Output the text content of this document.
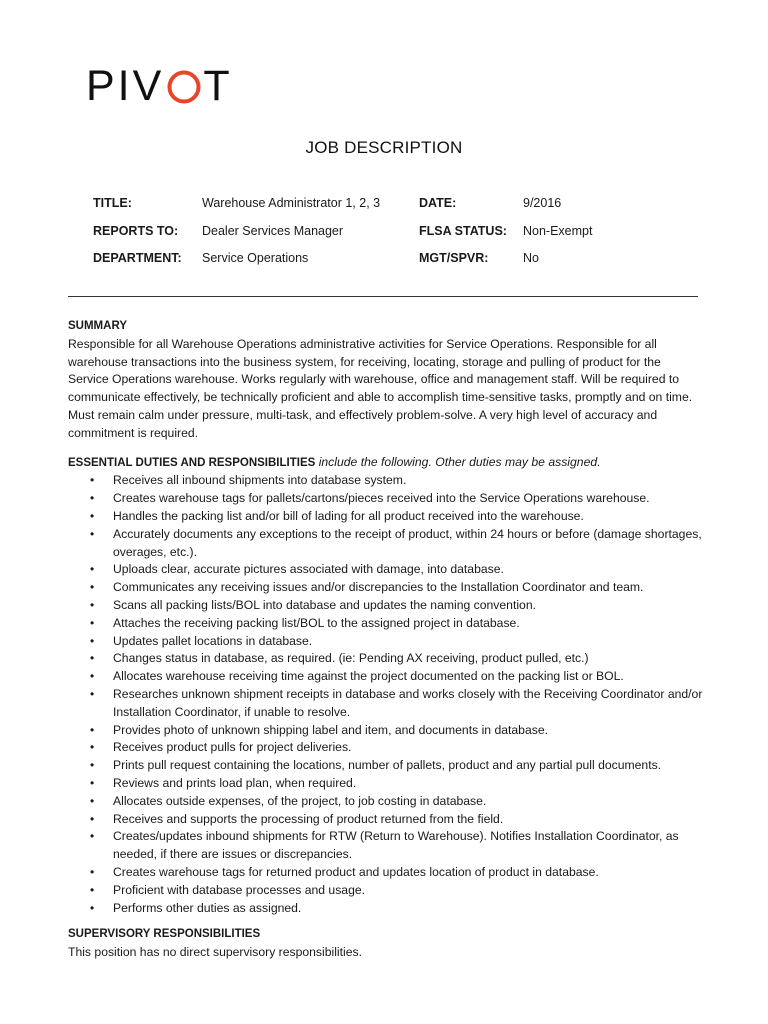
PIV T
JOB DESCRIPTION
TITLE:	Warehouse Administrator 1, 2, 3	DATE:	9/2016
REPORTS TO: Dealer Services Manager	FLSA STATUS: Non-Exempt
DEPARTMENT: Service Operations	MGT/SPVR:	No
SUMMARY

Responsible for all Warehouse Operations administrative activities for Service Operations. Responsible for all warehouse transactions into the business system, for receiving, locating, storage and pulling of product for the Service Operations warehouse. Works regularly with warehouse, office and management staff. Will be required to communicate effectively, be technically proficient and able to accomplish time-sensitive tasks, promptly and on time. Must remain calm under pressure, multi-task, and effectively problem-solve. A very high level of accuracy and commitment is required.

ESSENTIAL DUTIES AND RESPONSIBILITIES include the following. Other duties may be assigned.
• Receives all inbound shipments into database system.
• Creates warehouse tags for pallets/cartons/pieces received into the Service Operations warehouse.
• Handles the packing list and/or bill of lading for all product received into the warehouse.
• Accurately documents any exceptions to the receipt of product, within 24 hours or before (damage shortages, overages, etc.).
• Uploads clear, accurate pictures associated with damage, into database.
• Communicates any receiving issues and/or discrepancies to the Installation Coordinator and team.
• Scans all packing lists/BOL into database and updates the naming convention.
• Attaches the receiving packing list/BOL to the assigned project in database.
• Updates pallet locations in database.
• Changes status in database, as required. (ie: Pending AX receiving, product pulled, etc.)
• Allocates warehouse receiving time against the project documented on the packing list or BOL.
• Researches unknown shipment receipts in database and works closely with the Receiving Coordinator and/or Installation Coordinator, if unable to resolve.
• Provides photo of unknown shipping label and item, and documents in database.
• Receives product pulls for project deliveries.
• Prints pull request containing the locations, number of pallets, product and any partial pull documents.
• Reviews and prints load plan, when required.
• Allocates outside expenses, of the project, to job costing in database.
• Receives and supports the processing of product returned from the field.
• Creates/updates inbound shipments for RTW (Return to Warehouse). Notifies Installation Coordinator, as needed, if there are issues or discrepancies.
• Creates warehouse tags for returned product and updates location of product in database.
• Proficient with database processes and usage.
• Performs other duties as assigned.
SUPERVISORY RESPONSIBILITIES
This position has no direct supervisory responsibilities.
